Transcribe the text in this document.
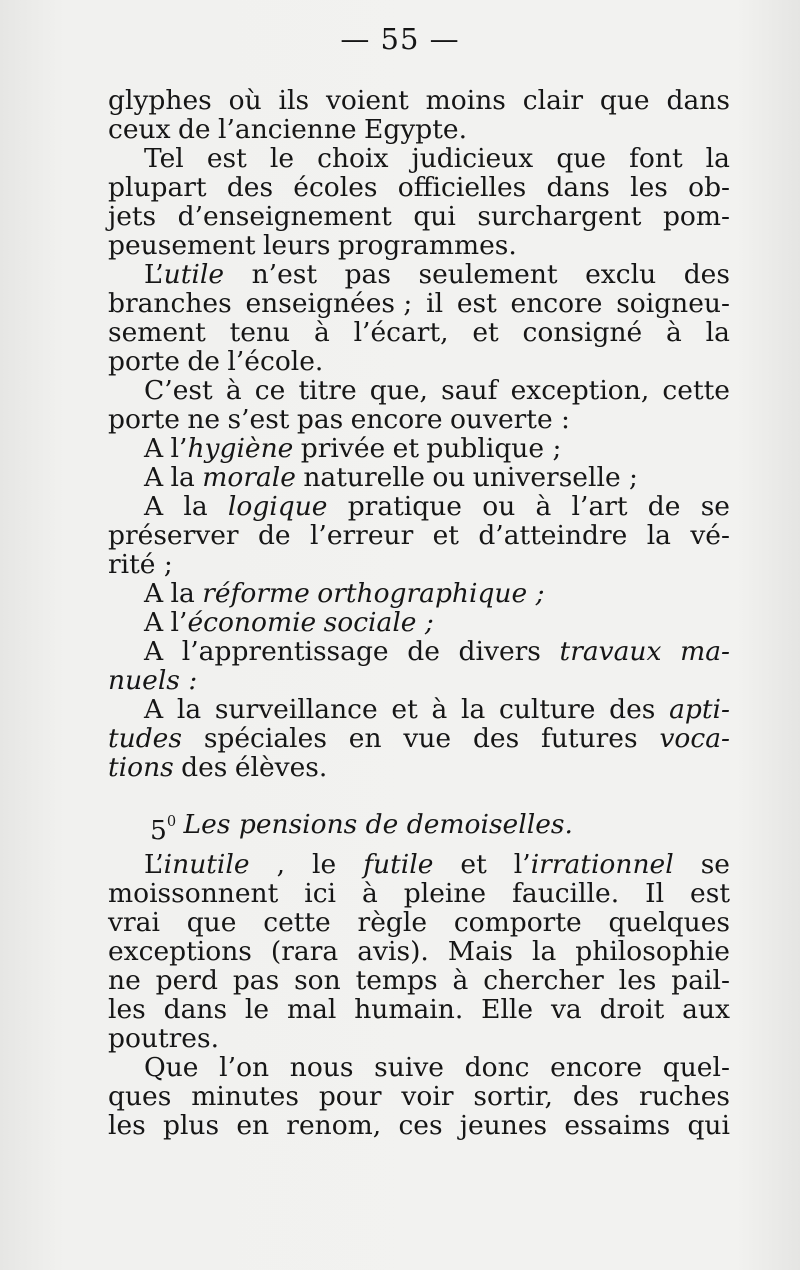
— 55 —
glyphes où ils voient moins clair que dans
ceux de l’ancienne Egypte.
Tel est le choix judicieux que font la
plupart des écoles officielles dans les ob-
jets d’enseignement qui surchargent pom-
peusement leurs programmes.
L’utile n’est pas seulement exclu des
branches enseignées ; il est encore soigneu-
sement tenu à l’écart, et consigné à la
porte de l’école.
C’est à ce titre que, sauf exception, cette
porte ne s’est pas encore ouverte :
A l’hygiène privée et publique ;
A la morale naturelle ou universelle ;
A la logique pratique ou à l’art de se
préserver de l’erreur et d’atteindre la vé-
rité ;
A la réforme orthographique ;
A l’économie sociale ;
A l’apprentissage de divers travaux ma-
nuels :
A la surveillance et à la culture des apti-
tudes spéciales en vue des futures voca-
tions des élèves.
$5^0$ Les pensions de demoiselles.
L’inutile , le futile et l’irrationnel se
moissonnent ici à pleine faucille. Il est
vrai que cette règle comporte quelques
exceptions (rara avis). Mais la philosophie
ne perd pas son temps à chercher les pail-
les dans le mal humain. Elle va droit aux
poutres.
Que l’on nous suive donc encore quel-
ques minutes pour voir sortir, des ruches
les plus en renom, ces jeunes essaims qui
